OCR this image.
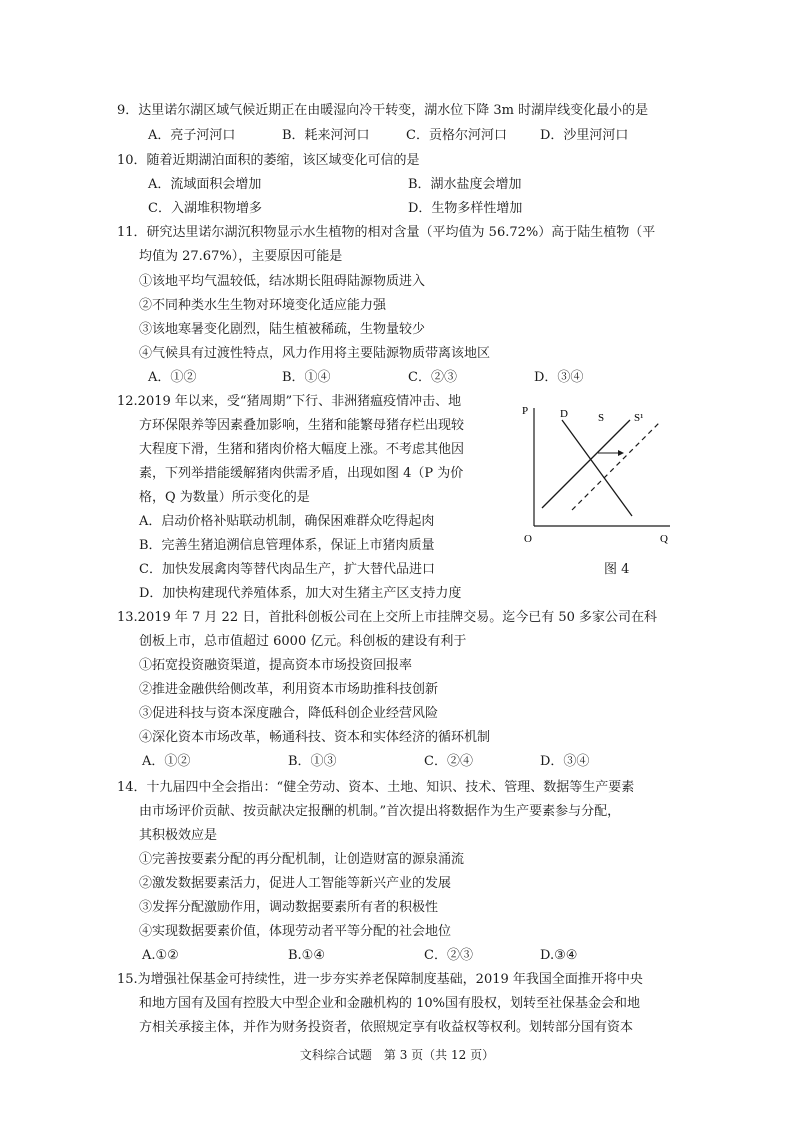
9．达里诺尔湖区域气候近期正在由暖湿向冷干转变，湖水位下降 3m 时湖岸线变化最小的是
A．亮子河河口	B．耗来河河口	C．贡格尔河河口	D．沙里河河口
10．随着近期湖泊面积的萎缩，该区域变化可信的是
A．流域面积会增加	B．湖水盐度会增加
C．入湖堆积物增多	D．生物多样性增加
11．研究达里诺尔湖沉积物显示水生植物的相对含量（平均值为 56.72%）高于陆生植物（平
均值为 27.67%），主要原因可能是
①该地平均气温较低，结冰期长阻碍陆源物质进入
②不同种类水生生物对环境变化适应能力强
③该地寒暑变化剧烈，陆生植被稀疏，生物量较少
④气候具有过渡性特点，风力作用将主要陆源物质带离该地区
A．①②	B．①④	C．②③	D．③④
12.2019 年以来，受“猪周期”下行、非洲猪瘟疫情冲击、地
方环保限养等因素叠加影响，生猪和能繁母猪存栏出现较
大程度下滑，生猪和猪肉价格大幅度上涨。不考虑其他因
素，下列举措能缓解猪肉供需矛盾，出现如图 4（P 为价
格，Q 为数量）所示变化的是
A．启动价格补贴联动机制，确保困难群众吃得起肉
B．完善生猪追溯信息管理体系，保证上市猪肉质量
C．加快发展禽肉等替代肉品生产，扩大替代品进口
D．加快构建现代养殖体系，加大对生猪主产区支持力度
P
Q
O
D	S	S¹
图 4
13.2019 年 7 月 22 日，首批科创板公司在上交所上市挂牌交易。迄今已有 50 多家公司在科
创板上市，总市值超过 6000 亿元。科创板的建设有利于
①拓宽投资融资渠道，提高资本市场投资回报率
②推进金融供给侧改革，利用资本市场助推科技创新
③促进科技与资本深度融合，降低科创企业经营风险
④深化资本市场改革，畅通科技、资本和实体经济的循环机制
A．①②	B．①③	C．②④	D．③④
14．十九届四中全会指出：“健全劳动、资本、土地、知识、技术、管理、数据等生产要素
由市场评价贡献、按贡献决定报酬的机制。”首次提出将数据作为生产要素参与分配，
其积极效应是
①完善按要素分配的再分配机制，让创造财富的源泉涌流
②激发数据要素活力，促进人工智能等新兴产业的发展
③发挥分配激励作用，调动数据要素所有者的积极性
④实现数据要素价值，体现劳动者平等分配的社会地位
A.①②	B.①④	C．②③	D.③④
15.为增强社保基金可持续性，进一步夯实养老保障制度基础，2019 年我国全面推开将中央
和地方国有及国有控股大中型企业和金融机构的 10%国有股权，划转至社保基金会和地
方相关承接主体，并作为财务投资者，依照规定享有收益权等权利。划转部分国有资本
文科综合试题　第 3 页（共 12 页）
